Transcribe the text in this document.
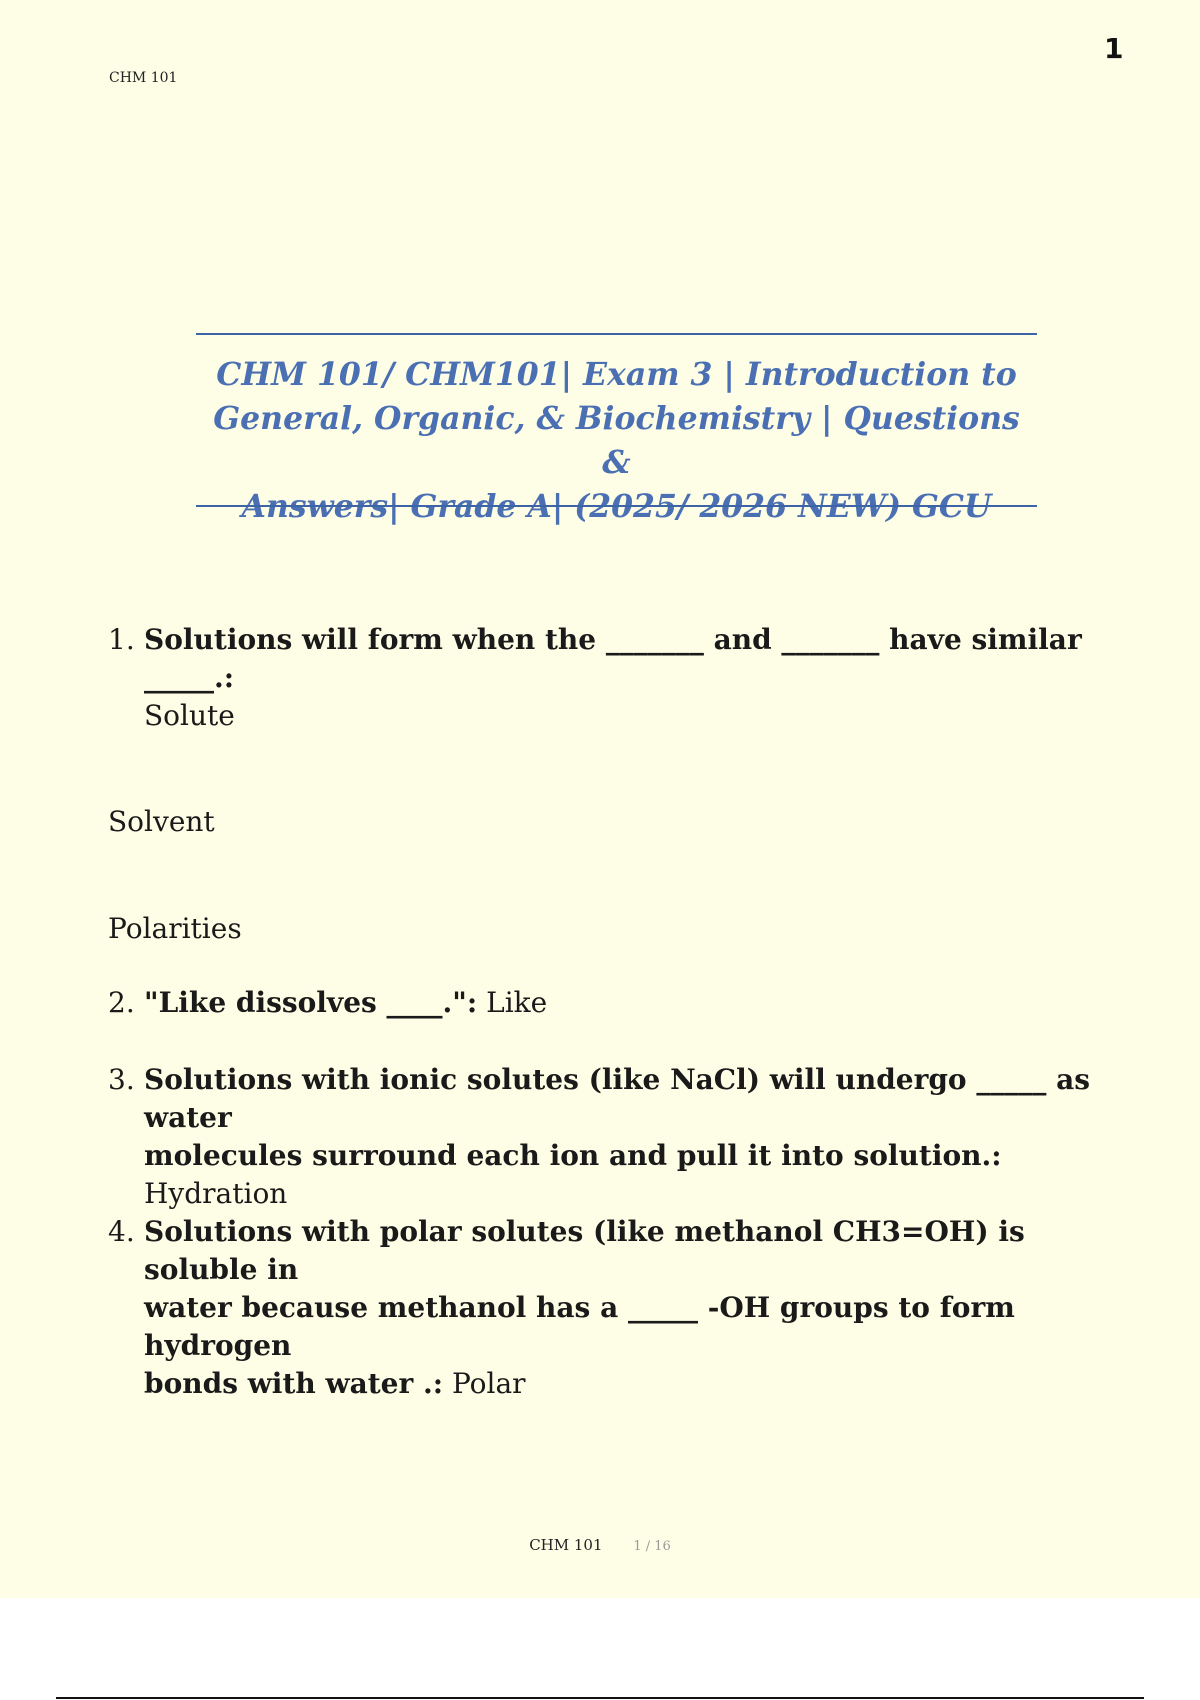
CHM 101
1
CHM 101/ CHM101| Exam 3 | Introduction to
General, Organic, & Biochemistry | Questions &
Answers| Grade A| (2025/ 2026 NEW) GCU
1. Solutions will form when the _______ and _______ have similar _____.:
Solute
Solvent
Polarities
2. "Like dissolves ____.": Like
3. Solutions with ionic solutes (like NaCl) will undergo _____ as water
molecules surround each ion and pull it into solution.: Hydration
4. Solutions with polar solutes (like methanol CH3=OH) is soluble in
water because methanol has a _____ -OH groups to form hydrogen
bonds with water .: Polar
CHM 101 1 / 16
